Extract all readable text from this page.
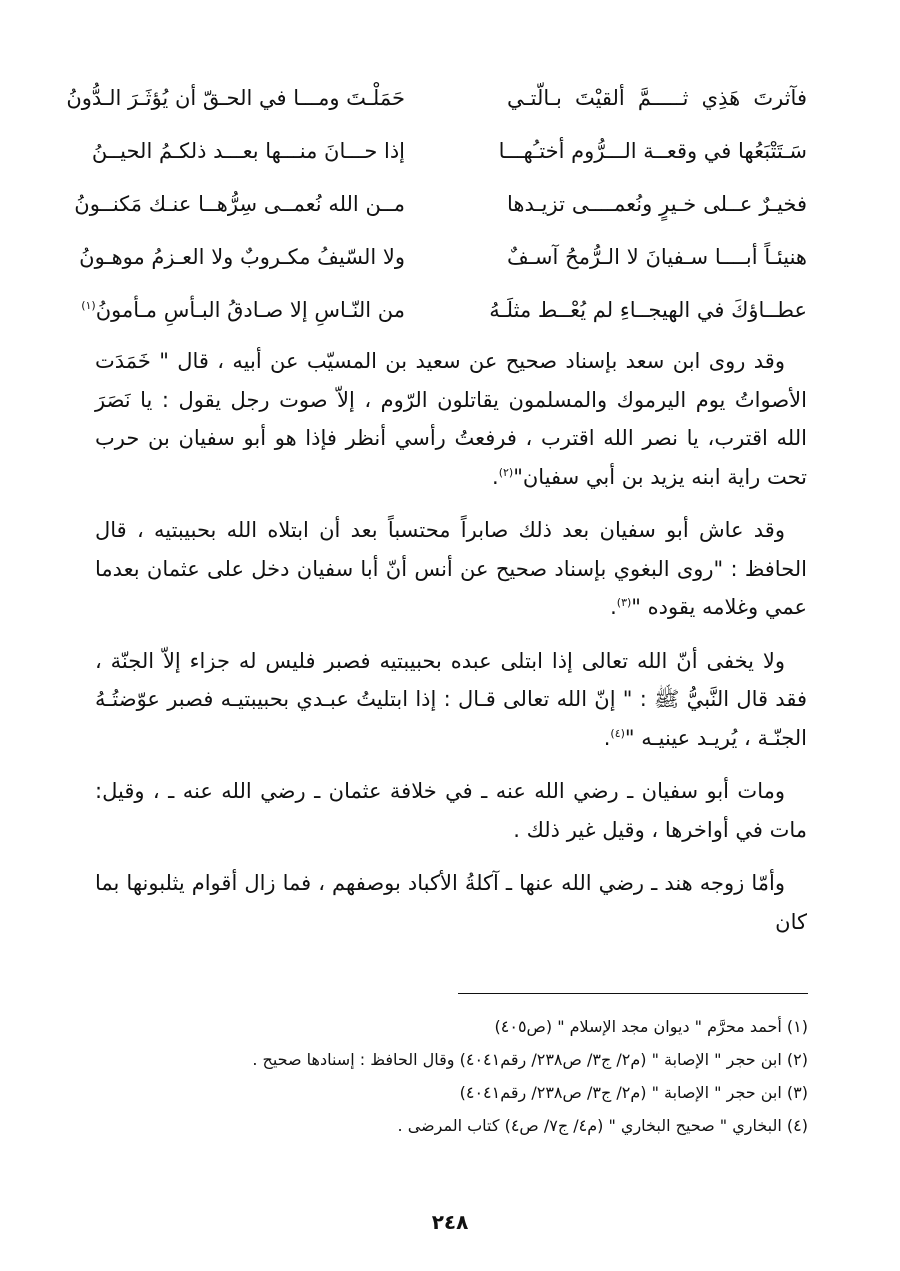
فآثرتَ هَذِي ثـــــمَّ ألقيْتَ بـالّتـي
حَمَلْـتَ ومـــا في الحـقّ أن يُؤثَـرَ الـدُّونُ
سَـتَتْبَعُها في وقعــة الـــرُّوم أختـُهـــا
إذا حـــانَ منـــها بعـــد ذلكـمُ الحيــنُ
فخيـرٌ عــلى خـيرٍ ونُعمــــى تزيـدها
مــن الله نُعمــى سِرُّهــا عنـك مَكنــونُ
هنيئـاً أبــــا سـفيانَ لا الـرُّمحُ آسـفٌ
ولا السّيفُ مكـروبٌ ولا العـزمُ موهـونُ
عطــاؤكَ في الهيجــاءِ لم يُعْــط مثلَـهُ
من النّـاسِ إلا صـادقُ البـأسِ مـأمونُ$^{(١)}$

وقد روى ابن سعد بإسناد صحيح عن سعيد بن المسيّب عن أبيه ، قال " خَمَدَت الأصواتُ يوم اليرموك والمسلمون يقاتلون الرّوم ، إلاّ صوت رجل يقول : يا نَصَرَ الله اقترب، يا نصر الله اقترب ، فرفعتُ رأسي أنظر فإذا هو أبو سفيان بن حرب تحت راية ابنه يزيد بن أبي سفيان"$^{(٢)}$.

وقد عاش أبو سفيان بعد ذلك صابراً محتسباً بعد أن ابتلاه الله بحبيبتيه ، قال الحافظ : "روى البغوي بإسناد صحيح عن أنس أنّ أبا سفيان دخل على عثمان بعدما عمي وغلامه يقوده "$^{(٣)}$.

ولا يخفى أنّ الله تعالى إذا ابتلى عبده بحبيبتيه فصبر فليس له جزاء إلاّ الجنّة ، فقد قال النَّبيُّ ﷺ : " إنّ الله تعالى قـال : إذا ابتليتُ عبـدي بحبيبتيـه فصبر عوّضتُـهُ الجنّـة ، يُريـد عينيـه "$^{(٤)}$.

ومات أبو سفيان ـ رضي الله عنه ـ في خلافة عثمان ـ رضي الله عنه ـ ، وقيل: مات في أواخرها ، وقيل غير ذلك .

وأمّا زوجه هند ـ رضي الله عنها ـ آكلةُ الأكباد بوصفهم ، فما زال أقوام يثلبونها بما كان

(١) أحمد محرَّم " ديوان مجد الإسلام " (ص٤٠٥)
(٢) ابن حجر " الإصابة " (م٢/ ج٣/ ص٢٣٨/ رقم٤٠٤١) وقال الحافظ : إسنادها صحيح .
(٣) ابن حجر " الإصابة " (م٢/ ج٣/ ص٢٣٨/ رقم٤٠٤١)
(٤) البخاري " صحيح البخاري " (م٤/ ج٧/ ص٤) كتاب المرضى .
٢٤٨
